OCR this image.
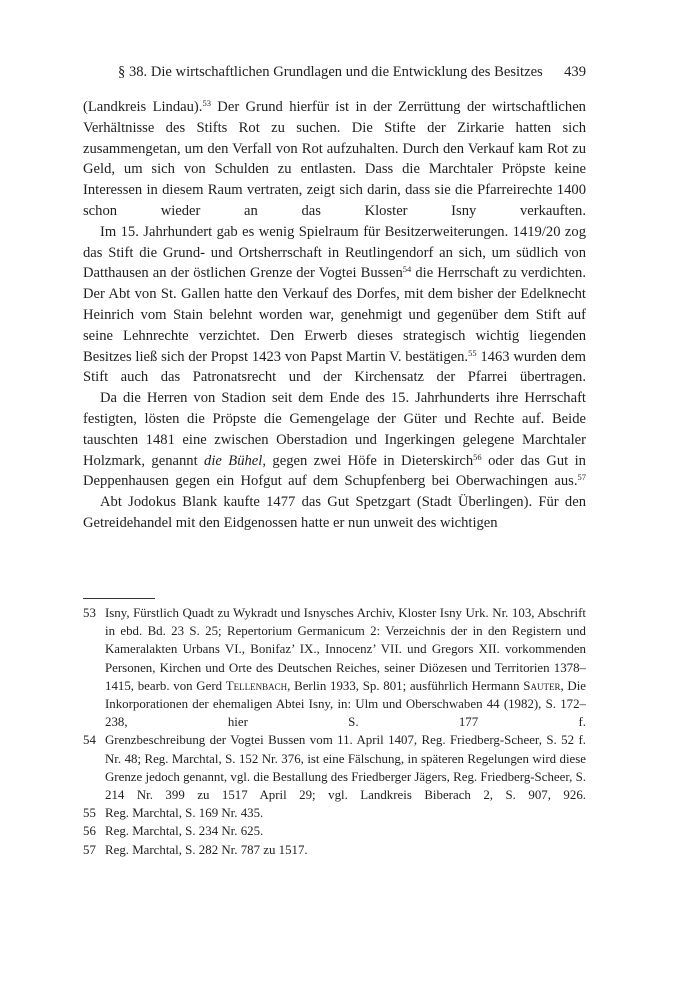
§ 38. Die wirtschaftlichen Grundlagen und die Entwicklung des Besitzes	439

(Landkreis Lindau).$^{53}$ Der Grund hierfür ist in der Zerrüttung der wirtschaftlichen Verhältnisse des Stifts Rot zu suchen. Die Stifte der Zirkarie hatten sich zusammengetan, um den Verfall von Rot aufzuhalten. Durch den Verkauf kam Rot zu Geld, um sich von Schulden zu entlasten. Dass die Marchtaler Pröpste keine Interessen in diesem Raum vertraten, zeigt sich darin, dass sie die Pfarreirechte 1400 schon wieder an das Kloster Isny verkauften.

Im 15. Jahrhundert gab es wenig Spielraum für Besitzerweiterungen. 1419/20 zog das Stift die Grund- und Ortsherrschaft in Reutlingendorf an sich, um südlich von Datthausen an der östlichen Grenze der Vogtei Bussen$^{54}$ die Herrschaft zu verdichten. Der Abt von St. Gallen hatte den Verkauf des Dorfes, mit dem bisher der Edelknecht Heinrich vom Stain belehnt worden war, genehmigt und gegenüber dem Stift auf seine Lehnrechte verzichtet. Den Erwerb dieses strategisch wichtig liegenden Besitzes ließ sich der Propst 1423 von Papst Martin V. bestätigen.$^{55}$ 1463 wurden dem Stift auch das Patronatsrecht und der Kirchensatz der Pfarrei übertragen.

Da die Herren von Stadion seit dem Ende des 15. Jahrhunderts ihre Herrschaft festigten, lösten die Pröpste die Gemengelage der Güter und Rechte auf. Beide tauschten 1481 eine zwischen Oberstadion und Ingerkingen gelegene Marchtaler Holzmark, genannt die Bühel, gegen zwei Höfe in Dieterskirch$^{56}$ oder das Gut in Deppenhausen gegen ein Hofgut auf dem Schupfenberg bei Oberwachingen aus.$^{57}$

Abt Jodokus Blank kaufte 1477 das Gut Spetzgart (Stadt Überlingen). Für den Getreidehandel mit den Eidgenossen hatte er nun unweit des wichtigen

53 Isny, Fürstlich Quadt zu Wykradt und Isnysches Archiv, Kloster Isny Urk. Nr. 103, Abschrift in ebd. Bd. 23 S. 25; Repertorium Germanicum 2: Verzeichnis der in den Registern und Kameralakten Urbans VI., Bonifaz’ IX., Innocenz’ VII. und Gregors XII. vorkommenden Personen, Kirchen und Orte des Deutschen Reiches, seiner Diözesen und Territorien 1378–1415, bearb. von Gerd Tellenbach, Berlin 1933, Sp. 801; ausführlich Hermann Sauter, Die Inkorporationen der ehemaligen Abtei Isny, in: Ulm und Oberschwaben 44 (1982), S. 172–238, hier S. 177 f.
54 Grenzbeschreibung der Vogtei Bussen vom 11. April 1407, Reg. Friedberg-Scheer, S. 52 f. Nr. 48; Reg. Marchtal, S. 152 Nr. 376, ist eine Fälschung, in späteren Regelungen wird diese Grenze jedoch genannt, vgl. die Bestallung des Friedberger Jägers, Reg. Friedberg-Scheer, S. 214 Nr. 399 zu 1517 April 29; vgl. Landkreis Biberach 2, S. 907, 926.
55 Reg. Marchtal, S. 169 Nr. 435.
56 Reg. Marchtal, S. 234 Nr. 625.
57 Reg. Marchtal, S. 282 Nr. 787 zu 1517.
